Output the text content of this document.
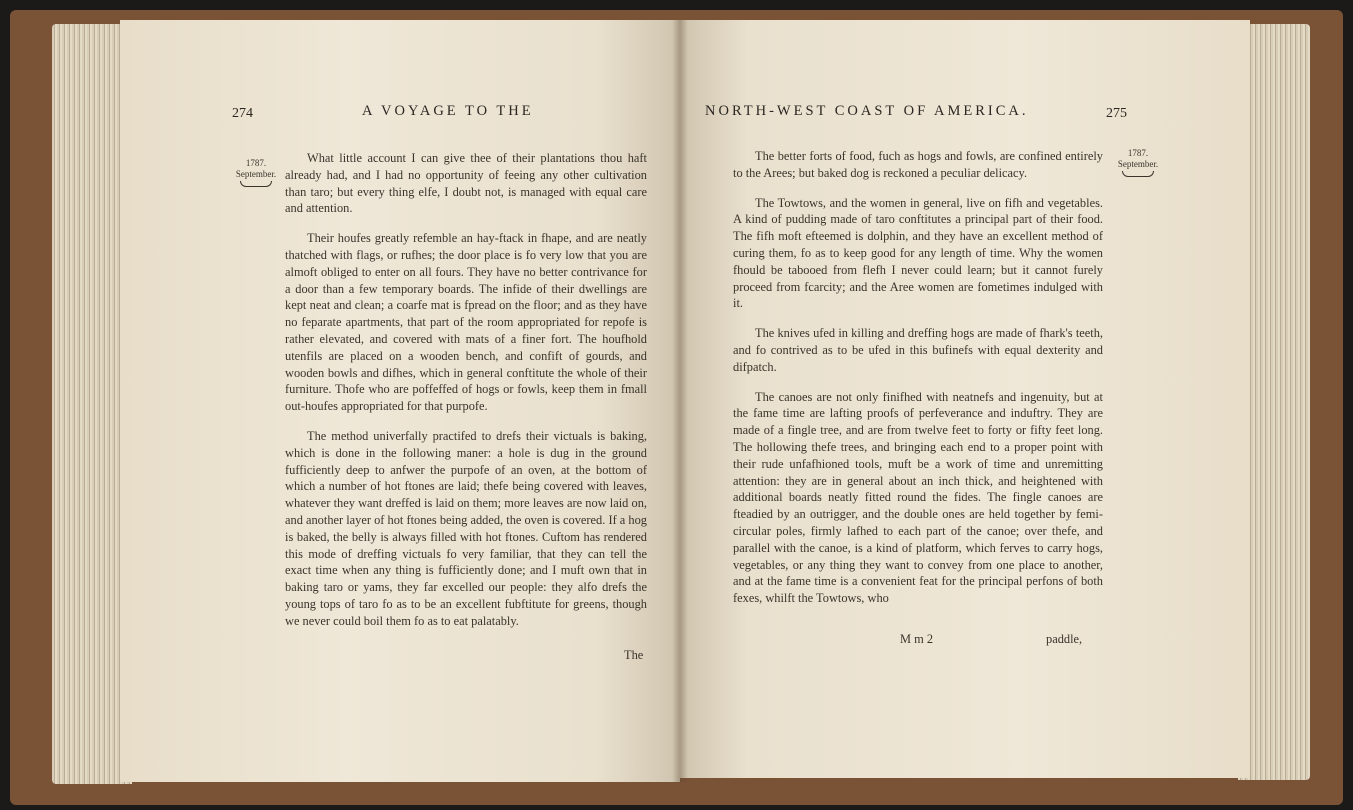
274	A VOYAGE TO THE
1787.
September.

What little account I can give thee of their plantations thou haft already had, and I had no opportunity of feeing any other cultivation than taro; but every thing elfe, I doubt not, is managed with equal care and attention.

Their houfes greatly refemble an hay-ftack in fhape, and are neatly thatched with flags, or rufhes; the door place is fo very low that you are almoft obliged to enter on all fours. They have no better contrivance for a door than a few temporary boards. The infide of their dwellings are kept neat and clean; a coarfe mat is fpread on the floor; and as they have no feparate apartments, that part of the room appropriated for repofe is rather elevated, and covered with mats of a finer fort. The houfhold utenfils are placed on a wooden bench, and confift of gourds, and wooden bowls and difhes, which in general conftitute the whole of their furniture. Thofe who are poffeffed of hogs or fowls, keep them in fmall out-houfes appropriated for that purpofe.

The method univerfally practifed to drefs their victuals is baking, which is done in the following maner: a hole is dug in the ground fufficiently deep to anfwer the purpofe of an oven, at the bottom of which a number of hot ftones are laid; thefe being covered with leaves, whatever they want dreffed is laid on them; more leaves are now laid on, and another layer of hot ftones being added, the oven is covered. If a hog is baked, the belly is always filled with hot ftones. Cuftom has rendered this mode of dreffing victuals fo very familiar, that they can tell the exact time when any thing is fufficiently done; and I muft own that in baking taro or yams, they far excelled our people: they alfo drefs the young tops of taro fo as to be an excellent fubftitute for greens, though we never could boil them fo as to eat palatably.

The
NORTH-WEST COAST OF AMERICA.	275
1787.
September.

The better forts of food, fuch as hogs and fowls, are confined entirely to the Arees; but baked dog is reckoned a peculiar delicacy.

The Towtows, and the women in general, live on fifh and vegetables. A kind of pudding made of taro conftitutes a principal part of their food. The fifh moft efteemed is dolphin, and they have an excellent method of curing them, fo as to keep good for any length of time. Why the women fhould be tabooed from flefh I never could learn; but it cannot furely proceed from fcarcity; and the Aree women are fometimes indulged with it.

The knives ufed in killing and dreffing hogs are made of fhark's teeth, and fo contrived as to be ufed in this bufinefs with equal dexterity and difpatch.

The canoes are not only finifhed with neatnefs and ingenuity, but at the fame time are lafting proofs of perfeverance and induftry. They are made of a fingle tree, and are from twelve feet to forty or fifty feet long. The hollowing thefe trees, and bringing each end to a proper point with their rude unfafhioned tools, muft be a work of time and unremitting attention: they are in general about an inch thick, and heightened with additional boards neatly fitted round the fides. The fingle canoes are fteadied by an outrigger, and the double ones are held together by femi-circular poles, firmly lafhed to each part of the canoe; over thefe, and parallel with the canoe, is a kind of platform, which ferves to carry hogs, vegetables, or any thing they want to convey from one place to another, and at the fame time is a convenient feat for the principal perfons of both fexes, whilft the Towtows, who

M m 2	paddle,
